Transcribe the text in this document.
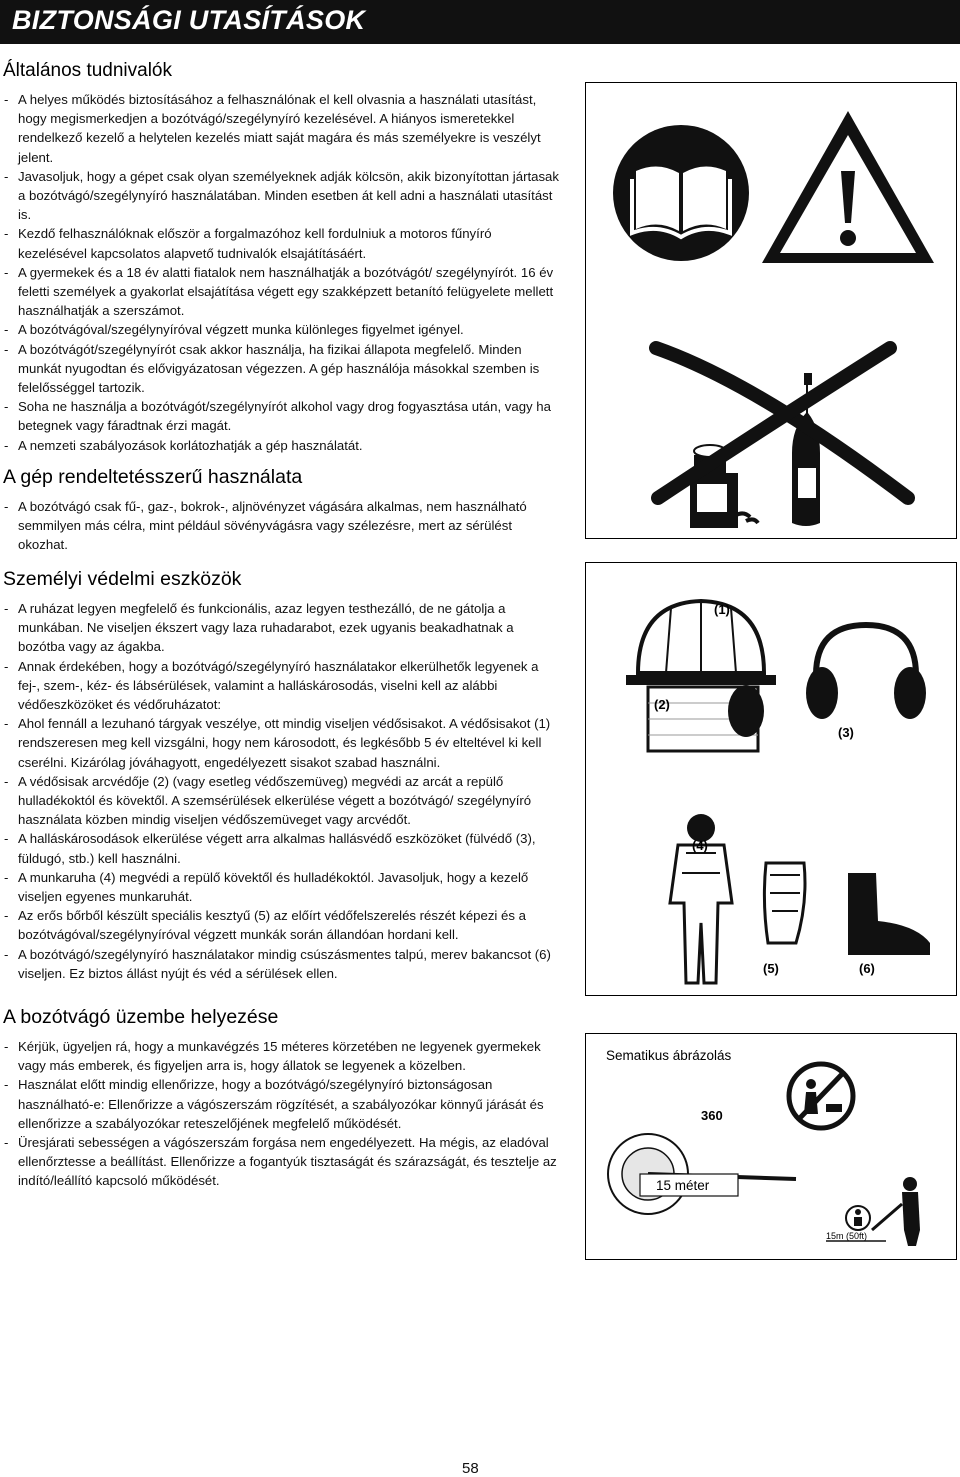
BIZTONSÁGI UTASÍTÁSOK
Általános tudnivalók
- A helyes működés biztosításához a felhasználónak el kell olvasnia a használati utasítást, hogy megismerkedjen a bozótvágó/szegélynyíró kezelésével. A hiányos ismeretekkel rendelkező kezelő a helytelen kezelés miatt saját magára és más személyekre is veszélyt jelent.
- Javasoljuk, hogy a gépet csak olyan személyeknek adják kölcsön, akik bizonyítottan jártasak a bozótvágó/szegélynyíró használatában. Minden esetben át kell adni a használati utasítást is.
- Kezdő felhasználóknak először a forgalmazóhoz kell fordulniuk a motoros fűnyíró kezelésével kapcsolatos alapvető tudnivalók elsajátításáért.
- A gyermekek és a 18 év alatti fiatalok nem használhatják a bozótvágót/ szegélynyírót. 16 év feletti személyek a gyakorlat elsajátítása végett egy szakképzett betanító felügyelete mellett használhatják a szerszámot.
- A bozótvágóval/szegélynyíróval végzett munka különleges figyelmet igényel.
- A bozótvágót/szegélynyírót csak akkor használja, ha fizikai állapota megfelelő. Minden munkát nyugodtan és elővigyázatosan végezzen. A gép használója másokkal szemben is felelősséggel tartozik.
- Soha ne használja a bozótvágót/szegélynyírót alkohol vagy drog fogyasztása után, vagy ha betegnek vagy fáradtnak érzi magát.
- A nemzeti szabályozások korlátozhatják a gép használatát.
A gép rendeltetésszerű használata
- A bozótvágó csak fű-, gaz-, bokrok-, aljnövényzet vágására alkalmas, nem használható semmilyen más célra, mint például sövényvágásra vagy szélezésre, mert az sérülést okozhat.
Személyi védelmi eszközök
- A ruházat legyen megfelelő és funkcionális, azaz legyen testhezálló, de ne gátolja a munkában. Ne viseljen ékszert vagy laza ruhadarabot, ezek ugyanis beakadhatnak a bozótba vagy az ágakba.
- Annak érdekében, hogy a bozótvágó/szegélynyíró használatakor elkerülhetők legyenek a fej-, szem-, kéz- és lábsérülések, valamint a halláskárosodás, viselni kell az alábbi védőeszközöket és védőruházatot:
- Ahol fennáll a lezuhanó tárgyak veszélye, ott mindig viseljen védősisakot. A védősisakot (1) rendszeresen meg kell vizsgálni, hogy nem károsodott, és legkésőbb 5 év elteltével ki kell cserélni. Kizárólag jóváhagyott, engedélyezett sisakot szabad használni.
- A védősisak arcvédője (2) (vagy esetleg védőszemüveg) megvédi az arcát a repülő hulladékoktól és kövektől. A szemsérülések elkerülése végett a bozótvágó/ szegélynyíró használata közben mindig viseljen védőszemüveget vagy arcvédőt.
- A halláskárosodások elkerülése végett arra alkalmas hallásvédő eszközöket (fülvédő (3), füldugó, stb.) kell használni.
- A munkaruha (4) megvédi a repülő kövektől és hulladékoktól. Javasoljuk, hogy a kezelő viseljen egyenes munkaruhát.
- Az erős bőrből készült speciális kesztyű (5) az előírt védőfelszerelés részét képezi és a bozótvágóval/szegélynyíróval végzett munkák során állandóan hordani kell.
- A bozótvágó/szegélynyíró használatakor mindig csúszásmentes talpú, merev bakancsot (6) viseljen. Ez biztos állást nyújt és véd a sérülések ellen.
A bozótvágó üzembe helyezése
- Kérjük, ügyeljen rá, hogy a munkavégzés 15 méteres körzetében ne legyenek gyermekek vagy más emberek, és figyeljen arra is, hogy állatok se legyenek a közelben.
- Használat előtt mindig ellenőrizze, hogy a bozótvágó/szegélynyíró biztonságosan használható-e: Ellenőrizze a vágószerszám rögzítését, a szabályozókar könnyű járását és ellenőrizze a szabályozókar reteszelőjének megfelelő működését.
- Üresjárati sebességen a vágószerszám forgása nem engedélyezett. Ha mégis, az eladóval ellenőrztesse a beállítást. Ellenőrizze a fogantyúk tisztaságát és szárazságát, és tesztelje az indító/leállító kapcsoló működését.
(1)
(2)
(3)
(4)
(5)	(6)
Sematikus ábrázolás
360
15m (50ft)
15 méter
58
